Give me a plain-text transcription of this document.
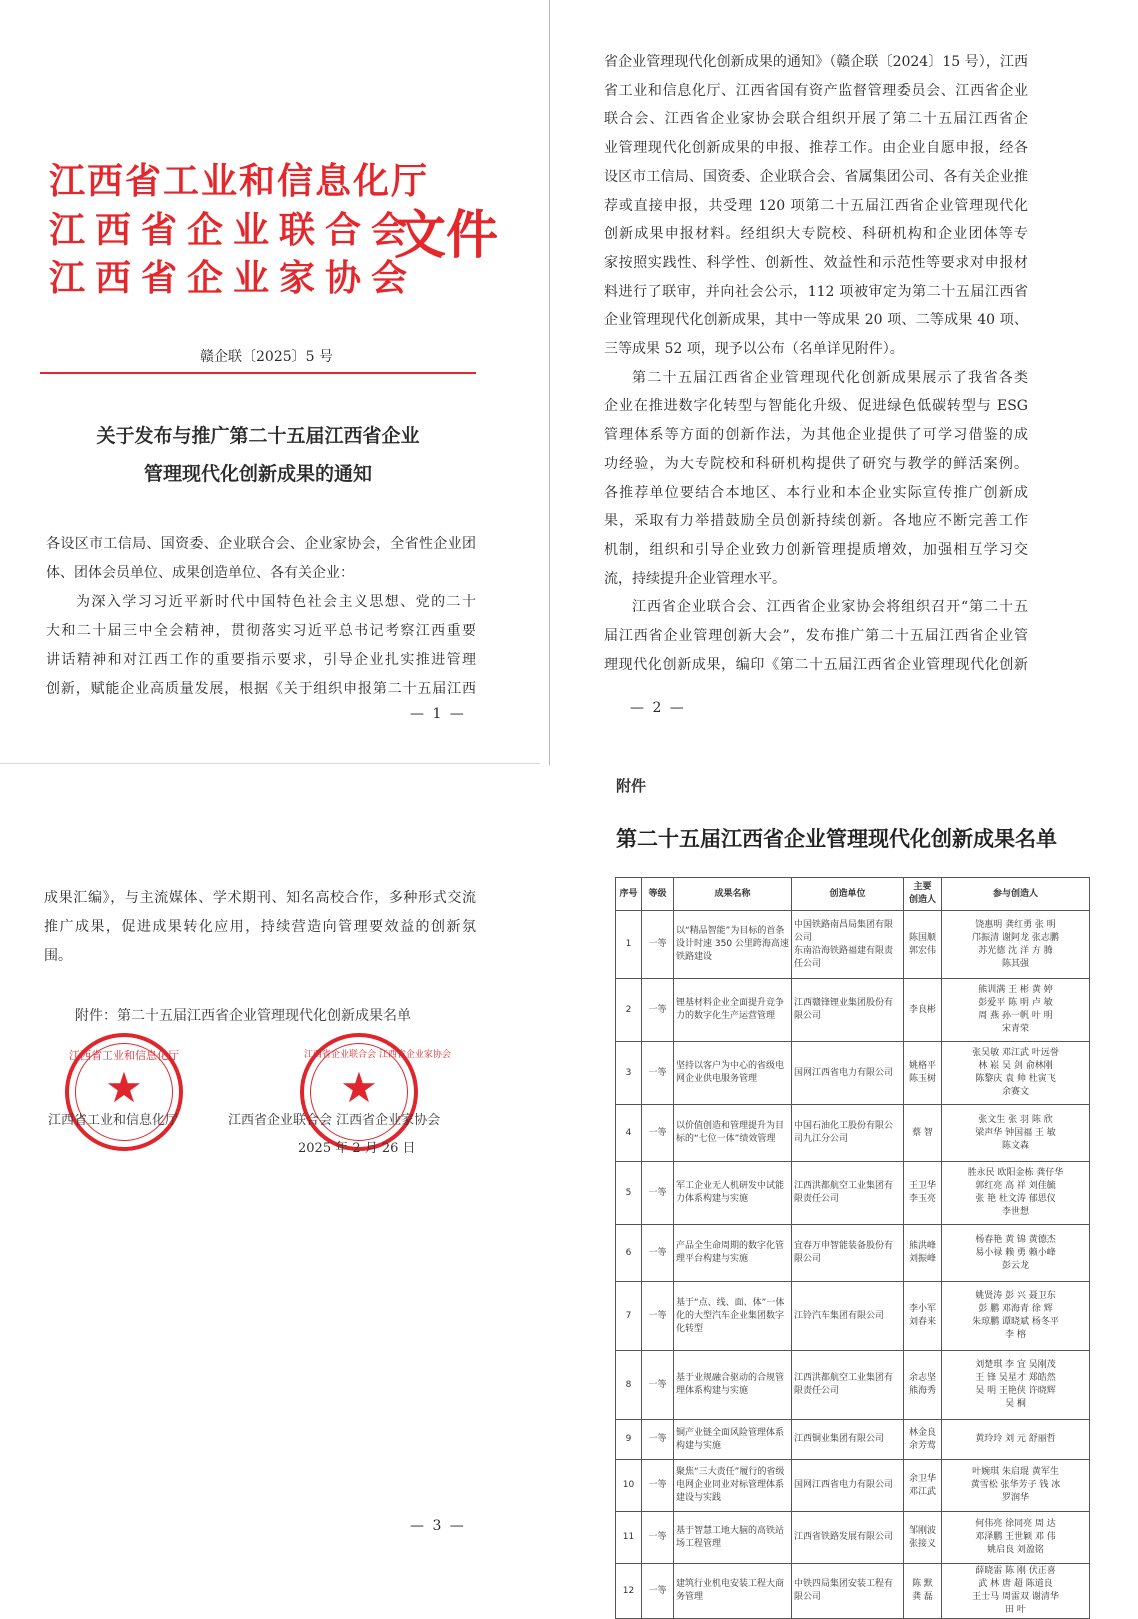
江西省工业和信息化厅
江西省企业联合会
江西省企业家协会
文件
赣企联〔2025〕5 号
关于发布与推广第二十五届江西省企业
管理现代化创新成果的通知
各设区市工信局、国资委、企业联合会、企业家协会，全省性企业团
体、团体会员单位、成果创造单位、各有关企业：
为深入学习习近平新时代中国特色社会主义思想、党的二十
大和二十届三中全会精神，贯彻落实习近平总书记考察江西重要
讲话精神和对江西工作的重要指示要求，引导企业扎实推进管理
创新，赋能企业高质量发展，根据《关于组织申报第二十五届江西
— 1 —
省企业管理现代化创新成果的通知》（赣企联〔2024〕15 号），江西
省工业和信息化厅、江西省国有资产监督管理委员会、江西省企业
联合会、江西省企业家协会联合组织开展了第二十五届江西省企
业管理现代化创新成果的申报、推荐工作。由企业自愿申报，经各
设区市工信局、国资委、企业联合会、省属集团公司、各有关企业推
荐或直接申报，共受理 120 项第二十五届江西省企业管理现代化
创新成果申报材料。经组织大专院校、科研机构和企业团体等专
家按照实践性、科学性、创新性、效益性和示范性等要求对申报材
料进行了联审，并向社会公示，112 项被审定为第二十五届江西省
企业管理现代化创新成果，其中一等成果 20 项、二等成果 40 项、
三等成果 52 项，现予以公布（名单详见附件）。
第二十五届江西省企业管理现代化创新成果展示了我省各类
企业在推进数字化转型与智能化升级、促进绿色低碳转型与 ESG
管理体系等方面的创新作法，为其他企业提供了可学习借鉴的成
功经验，为大专院校和科研机构提供了研究与教学的鲜活案例。
各推荐单位要结合本地区、本行业和本企业实际宣传推广创新成
果，采取有力举措鼓励全员创新持续创新。各地应不断完善工作
机制，组织和引导企业致力创新管理提质增效，加强相互学习交
流，持续提升企业管理水平。
江西省企业联合会、江西省企业家协会将组织召开“第二十五
届江西省企业管理创新大会”，发布推广第二十五届江西省企业管
理现代化创新成果，编印《第二十五届江西省企业管理现代化创新
— 2 —
成果汇编》，与主流媒体、学术期刊、知名高校合作，多种形式交流
推广成果，促进成果转化应用，持续营造向管理要效益的创新氛
围。
附件：第二十五届江西省企业管理现代化创新成果名单
江西省工业和信息化厅
★
江西省企业联合会 江西省企业家协会
★
江西省工业和信息化厅	江西省企业联合会 江西省企业家协会
2025 年 2 月 26 日
— 3 —
附件
第二十五届江西省企业管理现代化创新成果名单
序号	等级	成果名称	创造单位	主要
创造人	参与创造人
1	一等	以“精品智能”为目标的首条设计时速 350 公里跨海高速铁路建设	中国铁路南昌局集团有限公司
东南沿海铁路福建有限责任公司	陈国顺
郭宏伟	饶惠明 龚红勇 张 明
邝振清 谢阿龙 张志鹏
苏光德 沈 洋 方 腾
陈其强
2	一等	锂基材料企业全面提升竞争力的数字化生产运营管理	江西赣锋锂业集团股份有限公司	李良彬	熊训满 王 彬 黄 婷
彭爱平 陈 明 卢 敏
周 燕 孙一帆 叶 明
宋青荣
3	一等	坚持以客户为中心的省级电网企业供电服务管理	国网江西省电力有限公司	姚格平
陈玉树	张吴敏 邓江武 叶远誉
林 崧 吴 剑 俞林刚
陈黎庆 袁 帅 杜寅飞
余赛文
4	一等	以价值创造和管理提升为目标的“七位一体”绩效管理	中国石油化工股份有限公司九江分公司	蔡 智	张文生 张 羽 陈 欣
梁声华 钟国福 王 敏
陈文森
5	一等	军工企业无人机研发中试能力体系构建与实施	江西洪都航空工业集团有限责任公司	王卫华
李玉亮	胜永民 欧阳金栋 龚仔华
郭红亮 高 祥 刘佳毓
张 艳 杜文涛 郁思仪
李世想
6	一等	产品全生命周期的数字化管理平台构建与实施	宜春万申智能装备股份有限公司	熊洪峰
刘振峰	杨春艳 黄 锦 黄德杰
易小禄 赖 勇 赖小峰
彭云龙
7	一等	基于“点、线、面、体”一体化的大型汽车企业集团数字化转型	江铃汽车集团有限公司	李小军
刘春来	姚贤涛 彭 兴 聂卫东
彭 鹏 邓海青 徐 辉
朱琼鹏 谭晓斌 杨冬平
李 榕
8	一等	基于业规融合驱动的合规管理体系构建与实施	江西洪都航空工业集团有限责任公司	余志坚
熊海秀	刘楚琪 李 宜 吴刚茂
王 锋 吴星才 郑皓然
吴 明 王艳侠 许晓辉
吴 桐
9	一等	铜产业链全面风险管理体系构建与实施	江西铜业集团有限公司	林金良
余芳莺	黄玲玲 刘 元 舒丽哲
10	一等	聚焦“三大责任”履行的省级电网企业同业对标管理体系建设与实践	国网江西省电力有限公司	余卫华
邓江武	叶婉琪 朱启琨 黄军生
黄雪松 张华芳子 钱 冰
罗润华
11	一等	基于智慧工地大脑的高铁站场工程管理	江西省铁路发展有限公司	邹刚波
张接义	何伟亮 徐同亮 周 达
邓泽鹏 王世颖 邓 伟
姚启良 刘盈铭
12	一等	建筑行业机电安装工程大商务管理	中铁四局集团安装工程有限公司	陈 默
龚 磊	薛晓雷 陈 刚 伏正喜
武 林 唐 超 陈道良
王士马 周雷双 谢清华
田 叶
